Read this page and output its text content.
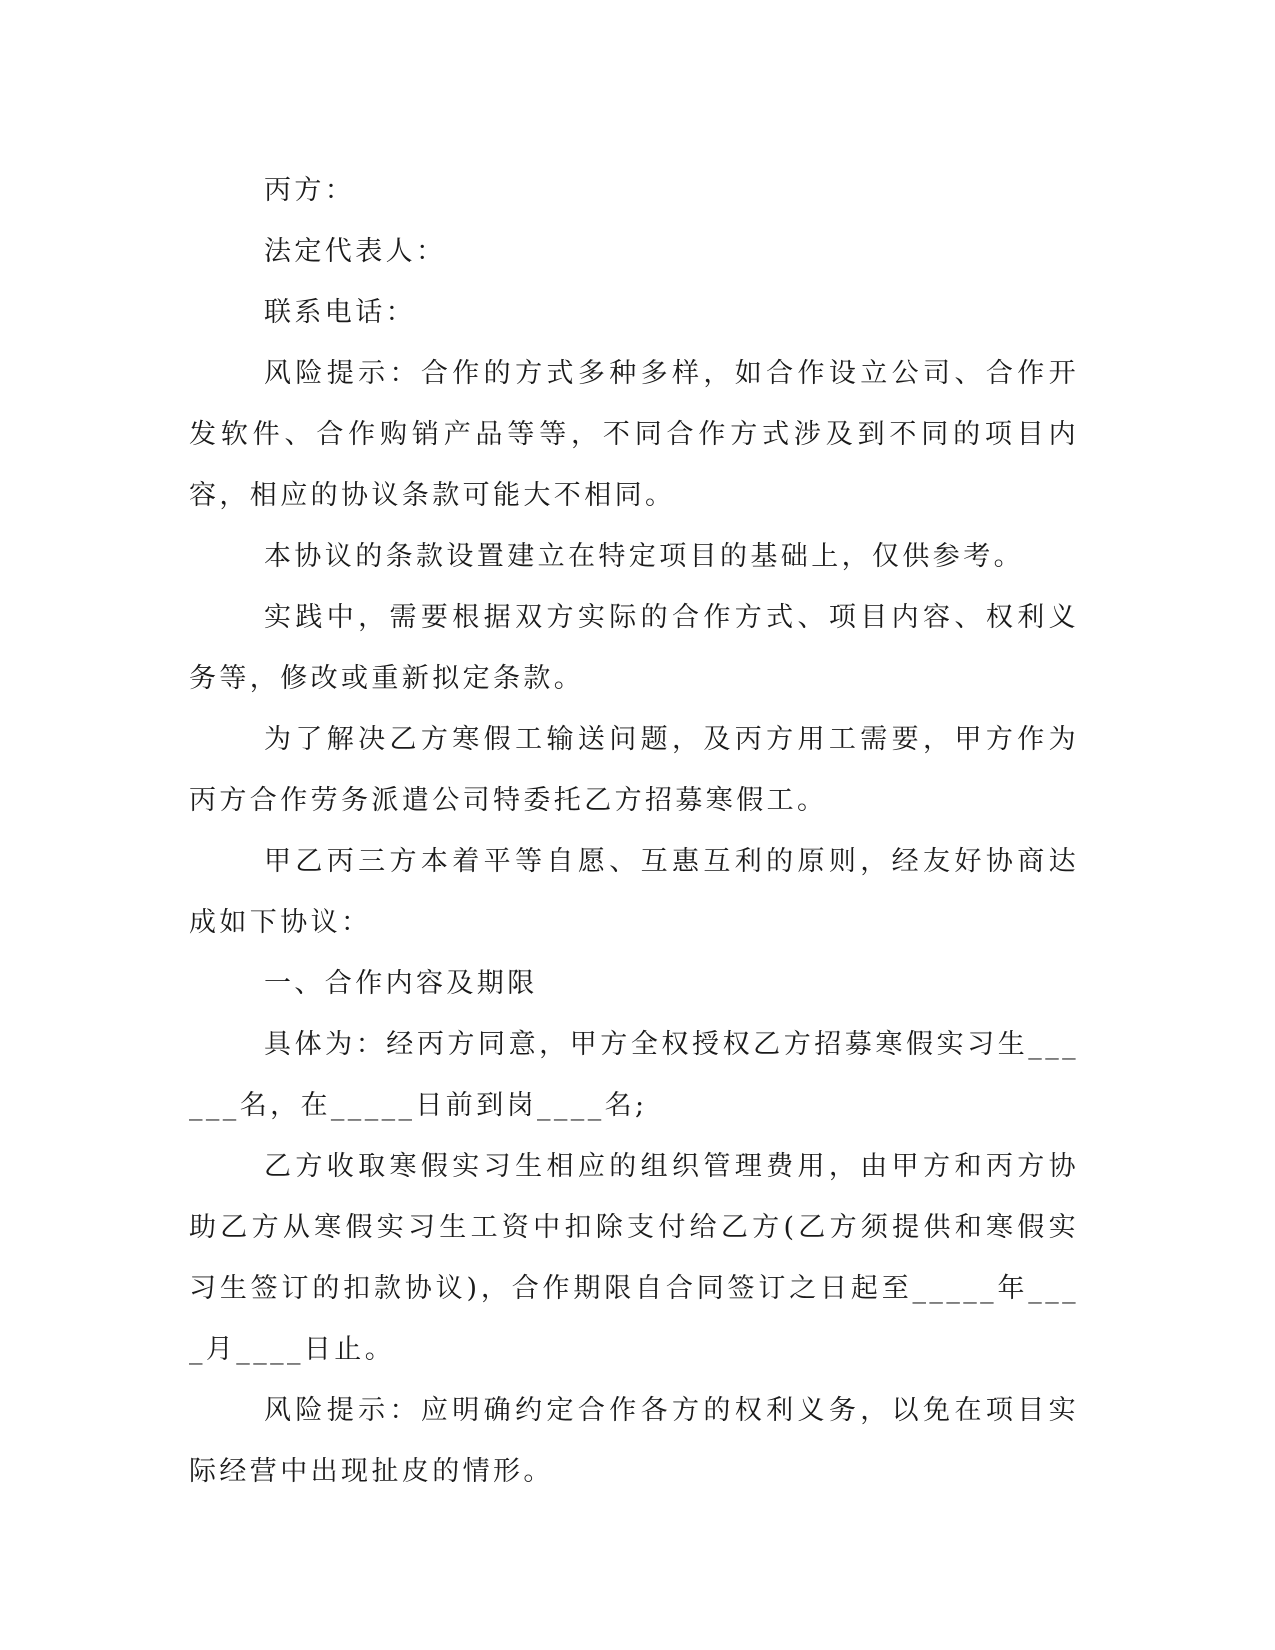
丙方：

法定代表人：

联系电话：

风险提示：合作的方式多种多样，如合作设立公司、合作开发软件、合作购销产品等等，不同合作方式涉及到不同的项目内容，相应的协议条款可能大不相同。

本协议的条款设置建立在特定项目的基础上，仅供参考。

实践中，需要根据双方实际的合作方式、项目内容、权利义务等，修改或重新拟定条款。

为了解决乙方寒假工输送问题，及丙方用工需要，甲方作为丙方合作劳务派遣公司特委托乙方招募寒假工。

甲乙丙三方本着平等自愿、互惠互利的原则，经友好协商达成如下协议：

一、合作内容及期限

具体为：经丙方同意，甲方全权授权乙方招募寒假实习生______名，在_____日前到岗____名;

乙方收取寒假实习生相应的组织管理费用，由甲方和丙方协助乙方从寒假实习生工资中扣除支付给乙方(乙方须提供和寒假实习生签订的扣款协议)，合作期限自合同签订之日起至_____年____月____日止。

风险提示：应明确约定合作各方的权利义务，以免在项目实际经营中出现扯皮的情形。
